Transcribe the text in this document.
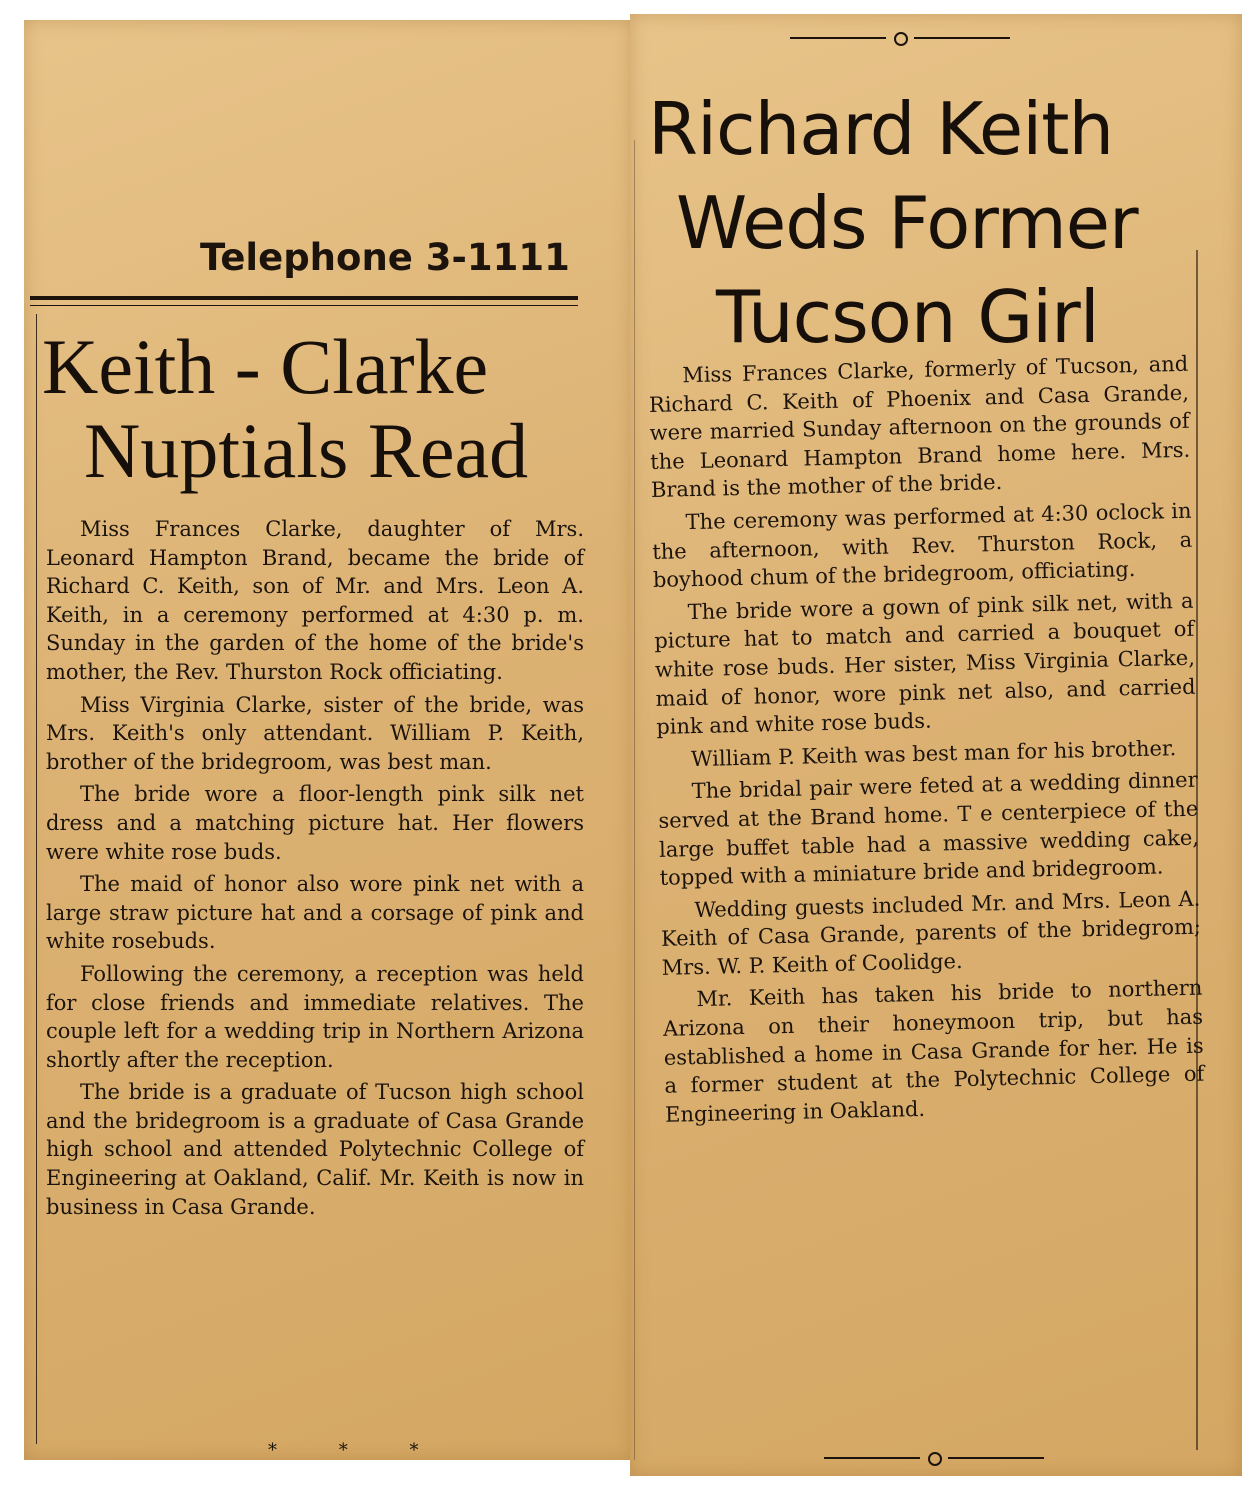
Telephone 3-1111
Keith - Clarke
Nuptials Read

Miss Frances Clarke, daughter of Mrs. Leonard Hampton Brand, became the bride of Richard C. Keith, son of Mr. and Mrs. Leon A. Keith, in a ceremony performed at 4:30 p. m. Sunday in the garden of the home of the bride's mother, the Rev. Thurston Rock officiating.

Miss Virginia Clarke, sister of the bride, was Mrs. Keith's only attendant. William P. Keith, brother of the bridegroom, was best man.

The bride wore a floor-length pink silk net dress and a matching picture hat. Her flowers were white rose buds.

The maid of honor also wore pink net with a large straw picture hat and a corsage of pink and white rosebuds.

Following the ceremony, a reception was held for close friends and immediate relatives. The couple left for a wedding trip in Northern Arizona shortly after the reception.

The bride is a graduate of Tucson high school and the bridegroom is a graduate of Casa Grande high school and attended Polytechnic College of Engineering at Oakland, Calif. Mr. Keith is now in business in Casa Grande.

* * *
Richard Keith
Weds Former
Tucson Girl

Miss Frances Clarke, formerly of Tucson, and Richard C. Keith of Phoenix and Casa Grande, were married Sunday afternoon on the grounds of the Leonard Hampton Brand home here. Mrs. Brand is the mother of the bride.

The ceremony was performed at 4:30 oclock in the afternoon, with Rev. Thurston Rock, a boyhood chum of the bridegroom, officiating.

The bride wore a gown of pink silk net, with a picture hat to match and carried a bouquet of white rose buds. Her sister, Miss Virginia Clarke, maid of honor, wore pink net also, and carried pink and white rose buds.

William P. Keith was best man for his brother.

The bridal pair were feted at a wedding dinner served at the Brand home. T e centerpiece of the large buffet table had a massive wedding cake, topped with a miniature bride and bridegroom.

Wedding guests included Mr. and Mrs. Leon A. Keith of Casa Grande, parents of the bridegrom; Mrs. W. P. Keith of Coolidge.

Mr. Keith has taken his bride to northern Arizona on their honeymoon trip, but has established a home in Casa Grande for her. He is a former student at the Polytechnic College of Engineering in Oakland.
